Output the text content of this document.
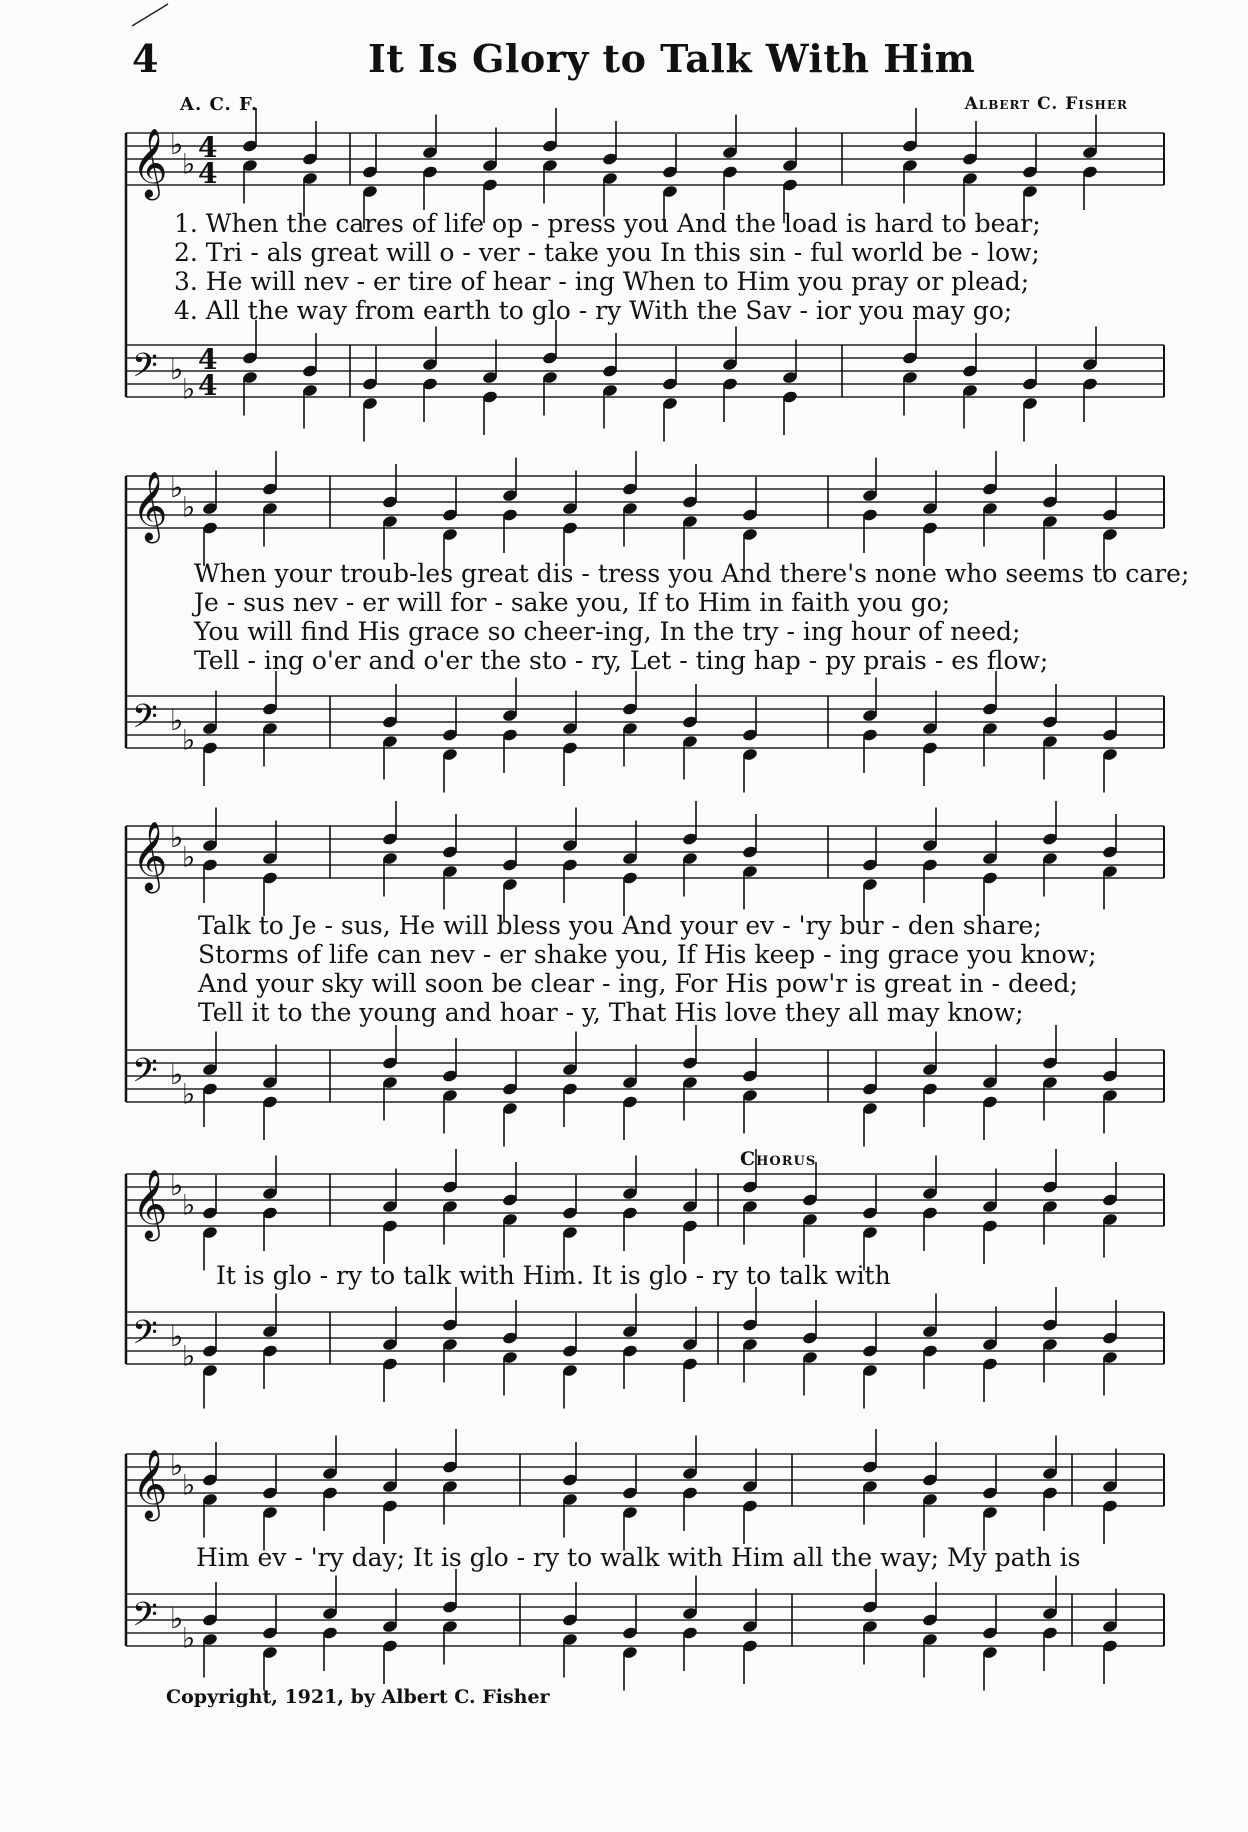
4	It Is Glory to Talk With Him
A. C. F.	Albert C. Fisher
𝄞 ♭
♭ 4
4
𝄢 ♭
♭
4
4
𝄞 ♭
♭
𝄢 ♭
♭
𝄞 ♭
♭
𝄢 ♭
♭
𝄞 ♭
♭
𝄢 ♭
♭
𝄞 ♭
♭
𝄢 ♭
♭
Chorus
1. When the cares of life op - press you And the load is hard to bear;
2. Tri - als great will o - ver - take you In this sin - ful world be - low;
3. He will nev - er tire of hear - ing When to Him you pray or plead;
4. All the way from earth to glo - ry With the Sav - ior you may go;
When your troub-les great dis - tress you And there's none who seems to care;
Je - sus nev - er will for - sake you, If to Him in faith you go;
You will find His grace so cheer-ing, In the try - ing hour of need;
Tell - ing o'er and o'er the sto - ry, Let - ting hap - py prais - es flow;
Talk to Je - sus, He will bless you And your ev - 'ry bur - den share;
Storms of life can nev - er shake you, If His keep - ing grace you know;
And your sky will soon be clear - ing, For His pow'r is great in - deed;
Tell it to the young and hoar - y, That His love they all may know;
It is glo - ry to talk with Him. It is glo - ry to talk with
Him ev - 'ry day; It is glo - ry to walk with Him all the way; My path is
Copyright, 1921, by Albert C. Fisher
